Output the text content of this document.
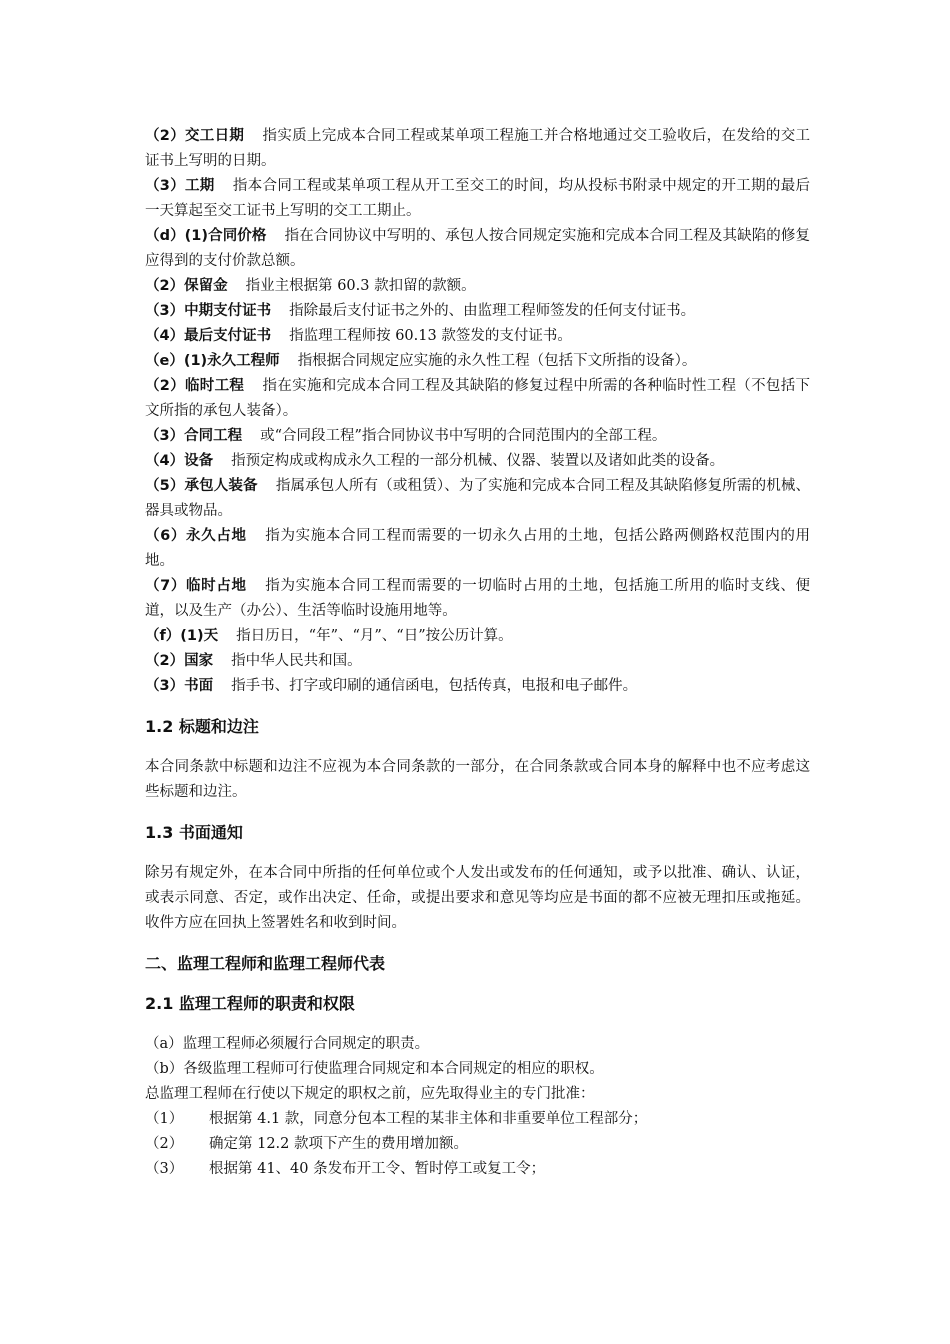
（2）交工日期 指实质上完成本合同工程或某单项工程施工并合格地通过交工验收后，在发给的交工证书上写明的日期。

（3）工期 指本合同工程或某单项工程从开工至交工的时间，均从投标书附录中规定的开工期的最后一天算起至交工证书上写明的交工工期止。

（d）(1)合同价格 指在合同协议中写明的、承包人按合同规定实施和完成本合同工程及其缺陷的修复应得到的支付价款总额。

（2）保留金 指业主根据第 60.3 款扣留的款额。

（3）中期支付证书 指除最后支付证书之外的、由监理工程师签发的任何支付证书。

（4）最后支付证书 指监理工程师按 60.13 款签发的支付证书。

（e）(1)永久工程师 指根据合同规定应实施的永久性工程（包括下文所指的设备）。

（2）临时工程 指在实施和完成本合同工程及其缺陷的修复过程中所需的各种临时性工程（不包括下文所指的承包人装备）。

（3）合同工程 或“合同段工程”指合同协议书中写明的合同范围内的全部工程。

（4）设备 指预定构成或构成永久工程的一部分机械、仪器、装置以及诸如此类的设备。

（5）承包人装备 指属承包人所有（或租赁）、为了实施和完成本合同工程及其缺陷修复所需的机械、器具或物品。

（6）永久占地 指为实施本合同工程而需要的一切永久占用的土地，包括公路两侧路权范围内的用地。

（7）临时占地 指为实施本合同工程而需要的一切临时占用的土地，包括施工所用的临时支线、便道，以及生产（办公）、生活等临时设施用地等。

（f）(1)天 指日历日，“年”、“月”、“日”按公历计算。

（2）国家 指中华人民共和国。

（3）书面 指手书、打字或印刷的通信函电，包括传真，电报和电子邮件。

1.2 标题和边注

本合同条款中标题和边注不应视为本合同条款的一部分，在合同条款或合同本身的解释中也不应考虑这些标题和边注。

1.3 书面通知

除另有规定外，在本合同中所指的任何单位或个人发出或发布的任何通知，或予以批准、确认、认证，或表示同意、否定，或作出决定、任命，或提出要求和意见等均应是书面的都不应被无理扣压或拖延。收件方应在回执上签署姓名和收到时间。

二、监理工程师和监理工程师代表
2.1 监理工程师的职责和权限

（a）监理工程师必须履行合同规定的职责。

（b）各级监理工程师可行使监理合同规定和本合同规定的相应的职权。

总监理工程师在行使以下规定的职权之前，应先取得业主的专门批准：

（1） 根据第 4.1 款，同意分包本工程的某非主体和非重要单位工程部分；

（2） 确定第 12.2 款项下产生的费用增加额。

（3） 根据第 41、40 条发布开工令、暂时停工或复工令；
